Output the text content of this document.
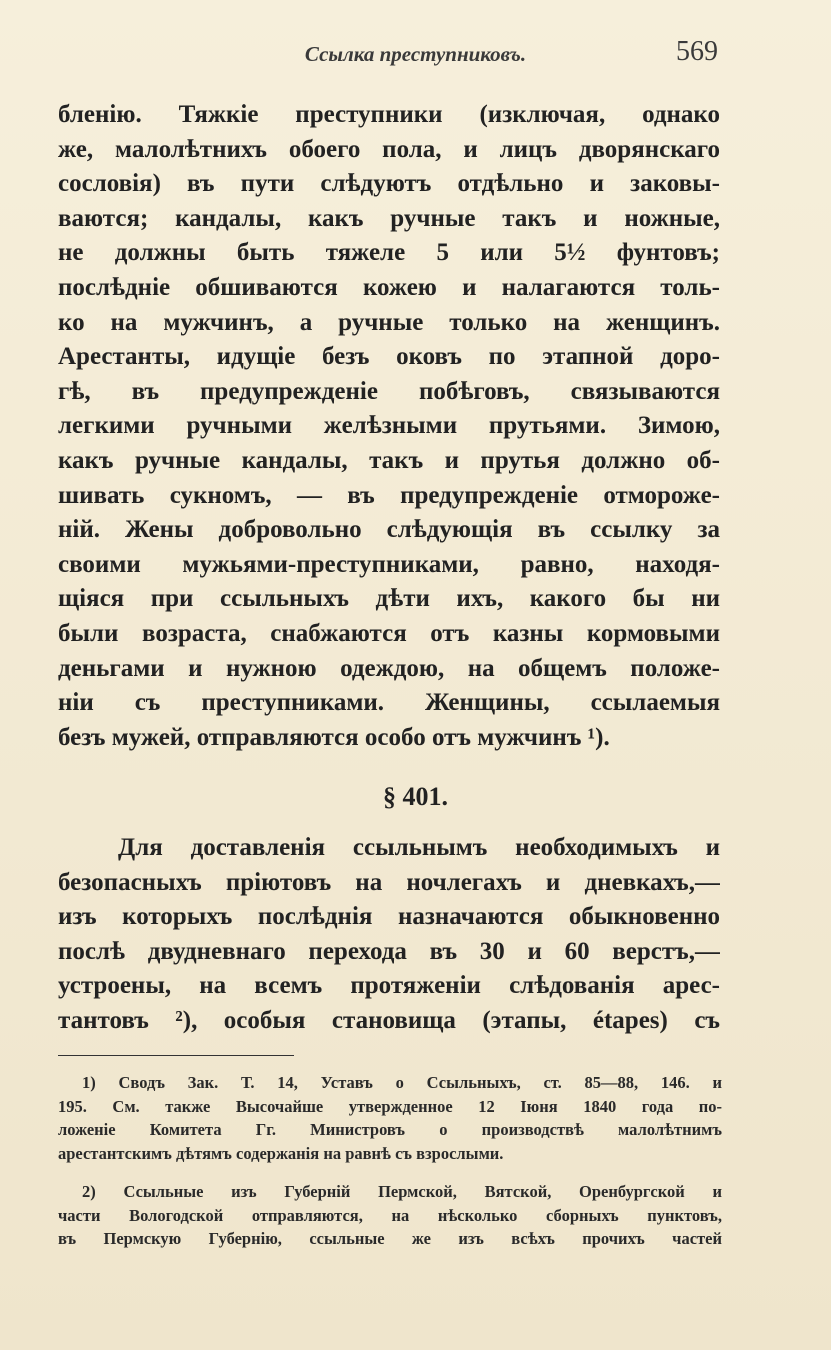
Ссылка преступниковъ.	569
бленію. Тяжкіе преступники (изключая, однако
же, малолѣтнихъ обоего пола, и лицъ дворянскаго
сословія) въ пути слѣдуютъ отдѣльно и заковы-
ваются; кандалы, какъ ручные такъ и ножные,
не должны быть тяжеле 5 или 5½ фунтовъ;
послѣдніе обшиваются кожею и налагаются толь-
ко на мужчинъ, а ручные только на женщинъ.
Арестанты, идущіе безъ оковъ по этапной доро-
гѣ, въ предупрежденіе побѣговъ, связываются
легкими ручными желѣзными прутьями. Зимою,
какъ ручные кандалы, такъ и прутья должно об-
шивать сукномъ, — въ предупрежденіе отмороже-
ній. Жены добровольно слѣдующія въ ссылку за
своими мужьями-преступниками, равно, находя-
щіяся при ссыльныхъ дѣти ихъ, какого бы ни
были возраста, снабжаются отъ казны кормовыми
деньгами и нужною одеждою, на общемъ положе-
ніи съ преступниками. Женщины, ссылаемыя
безъ мужей, отправляются особо отъ мужчинъ ¹).
§ 401.
Для доставленія ссыльнымъ необходимыхъ и
безопасныхъ пріютовъ на ночлегахъ и дневкахъ,—
изъ которыхъ послѣднія назначаются обыкновенно
послѣ двудневнаго перехода въ 30 и 60 верстъ,—
устроены, на всемъ протяженіи слѣдованія арес-
тантовъ ²), особыя становища (этапы, étapes) съ
1) Сводъ Зак. Т. 14, Уставъ о Ссыльныхъ, ст. 85—88, 146. и
195. См. также Высочайше утвержденное 12 Іюня 1840 года по-
ложеніе Комитета Гг. Министровъ о производствѣ малолѣтнимъ
арестантскимъ дѣтямъ содержанія на равнѣ съ взрослыми.
2) Ссыльные изъ Губерній Пермской, Вятской, Оренбургской и
части Вологодской отправляются, на нѣсколько сборныхъ пунктовъ,
въ Пермскую Губернію, ссыльные же изъ всѣхъ прочихъ частей
